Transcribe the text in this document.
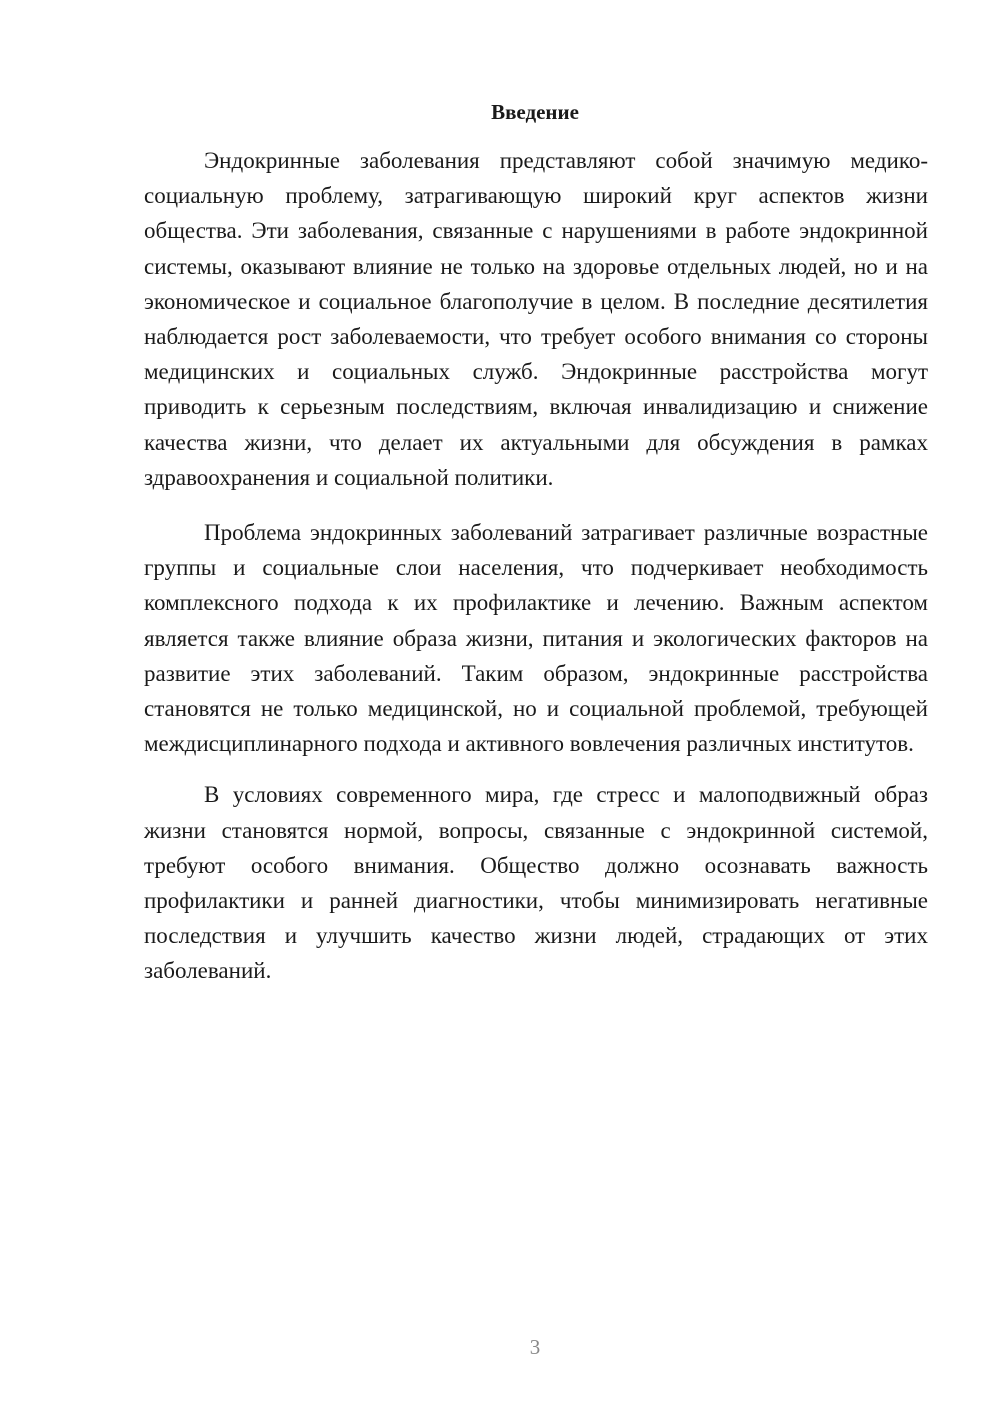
Введение

Эндокринные заболевания представляют собой значимую медико-социальную проблему, затрагивающую широкий круг аспектов жизни общества. Эти заболевания, связанные с нарушениями в работе эндокринной системы, оказывают влияние не только на здоровье отдельных людей, но и на экономическое и социальное благополучие в целом. В последние десятилетия наблюдается рост заболеваемости, что требует особого внимания со стороны медицинских и социальных служб. Эндокринные расстройства могут приводить к серьезным последствиям, включая инвалидизацию и снижение качества жизни, что делает их актуальными для обсуждения в рамках здравоохранения и социальной политики.

Проблема эндокринных заболеваний затрагивает различные возрастные группы и социальные слои населения, что подчеркивает необходимость комплексного подхода к их профилактике и лечению. Важным аспектом является также влияние образа жизни, питания и экологических факторов на развитие этих заболеваний. Таким образом, эндокринные расстройства становятся не только медицинской, но и социальной проблемой, требующей междисциплинарного подхода и активного вовлечения различных институтов.

В условиях современного мира, где стресс и малоподвижный образ жизни становятся нормой, вопросы, связанные с эндокринной системой, требуют особого внимания. Общество должно осознавать важность профилактики и ранней диагностики, чтобы минимизировать негативные последствия и улучшить качество жизни людей, страдающих от этих заболеваний.

3
